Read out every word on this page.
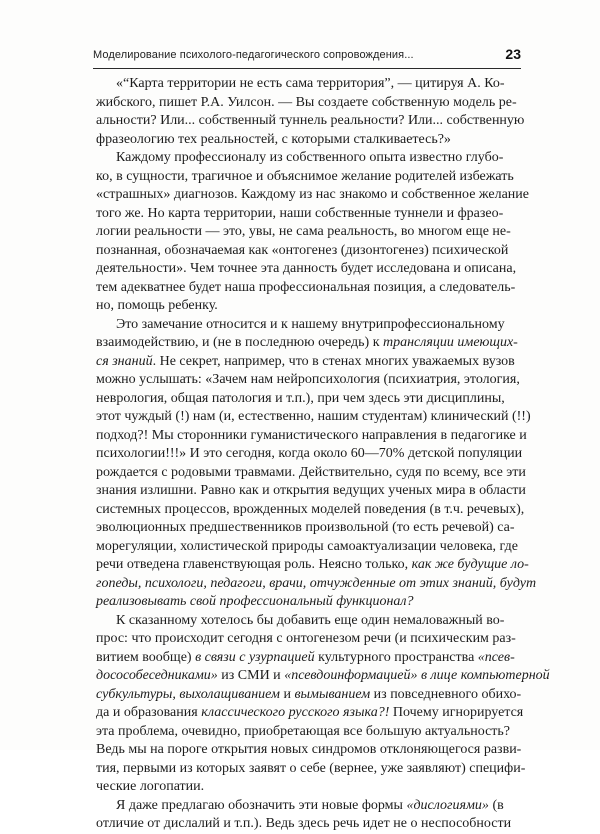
Моделирование психолого-педагогического сопровождения...	23
«“Карта территории не есть сама территория”, — цитируя А. Ко-
жибского, пишет Р.А. Уилсон. — Вы создаете собственную модель ре-
альности? Или... собственный туннель реальности? Или... собственную
фразеологию тех реальностей, с которыми сталкиваетесь?»
Каждому профессионалу из собственного опыта известно глубо-
ко, в сущности, трагичное и объяснимое желание родителей избежать
«страшных» диагнозов. Каждому из нас знакомо и собственное желание
того же. Но карта территории, наши собственные туннели и фразео-
логии реальности — это, увы, не сама реальность, во многом еще не-
познанная, обозначаемая как «онтогенез (дизонтогенез) психической
деятельности». Чем точнее эта данность будет исследована и описана,
тем адекватнее будет наша профессиональная позиция, а следователь-
но, помощь ребенку.
Это замечание относится и к нашему внутрипрофессиональному
взаимодействию, и (не в последнюю очередь) к трансляции имеющих-
ся знаний. Не секрет, например, что в стенах многих уважаемых вузов
можно услышать: «Зачем нам нейропсихология (психиатрия, этология,
неврология, общая патология и т.п.), при чем здесь эти дисциплины,
этот чуждый (!) нам (и, естественно, нашим студентам) клинический (!!)
подход?! Мы сторонники гуманистического направления в педагогике и
психологии!!!» И это сегодня, когда около 60—70% детской популяции
рождается с родовыми травмами. Действительно, судя по всему, все эти
знания излишни. Равно как и открытия ведущих ученых мира в области
системных процессов, врожденных моделей поведения (в т.ч. речевых),
эволюционных предшественников произвольной (то есть речевой) са-
морегуляции, холистической природы самоактуализации человека, где
речи отведена главенствующая роль. Неясно только, как же будущие ло-
гопеды, психологи, педагоги, врачи, отчужденные от этих знаний, будут
реализовывать свой профессиональный функционал?
К сказанному хотелось бы добавить еще один немаловажный во-
прос: что происходит сегодня с онтогенезом речи (и психическим раз-
витием вообще) в связи с узурпацией культурного пространства «псев-
досособеседниками» из СМИ и «псевдоинформацией» в лице компьютерной
субкультуры, выхолащиванием и вымыванием из повседневного обихо-
да и образования классического русского языка?! Почему игнорируется
эта проблема, очевидно, приобретающая все большую актуальность?
Ведь мы на пороге открытия новых синдромов отклоняющегося разви-
тия, первыми из которых заявят о себе (вернее, уже заявляют) специфи-
ческие логопатии.
Я даже предлагаю обозначить эти новые формы «дислогиями» (в
отличие от дислалий и т.п.). Ведь здесь речь идет не о неспособности
